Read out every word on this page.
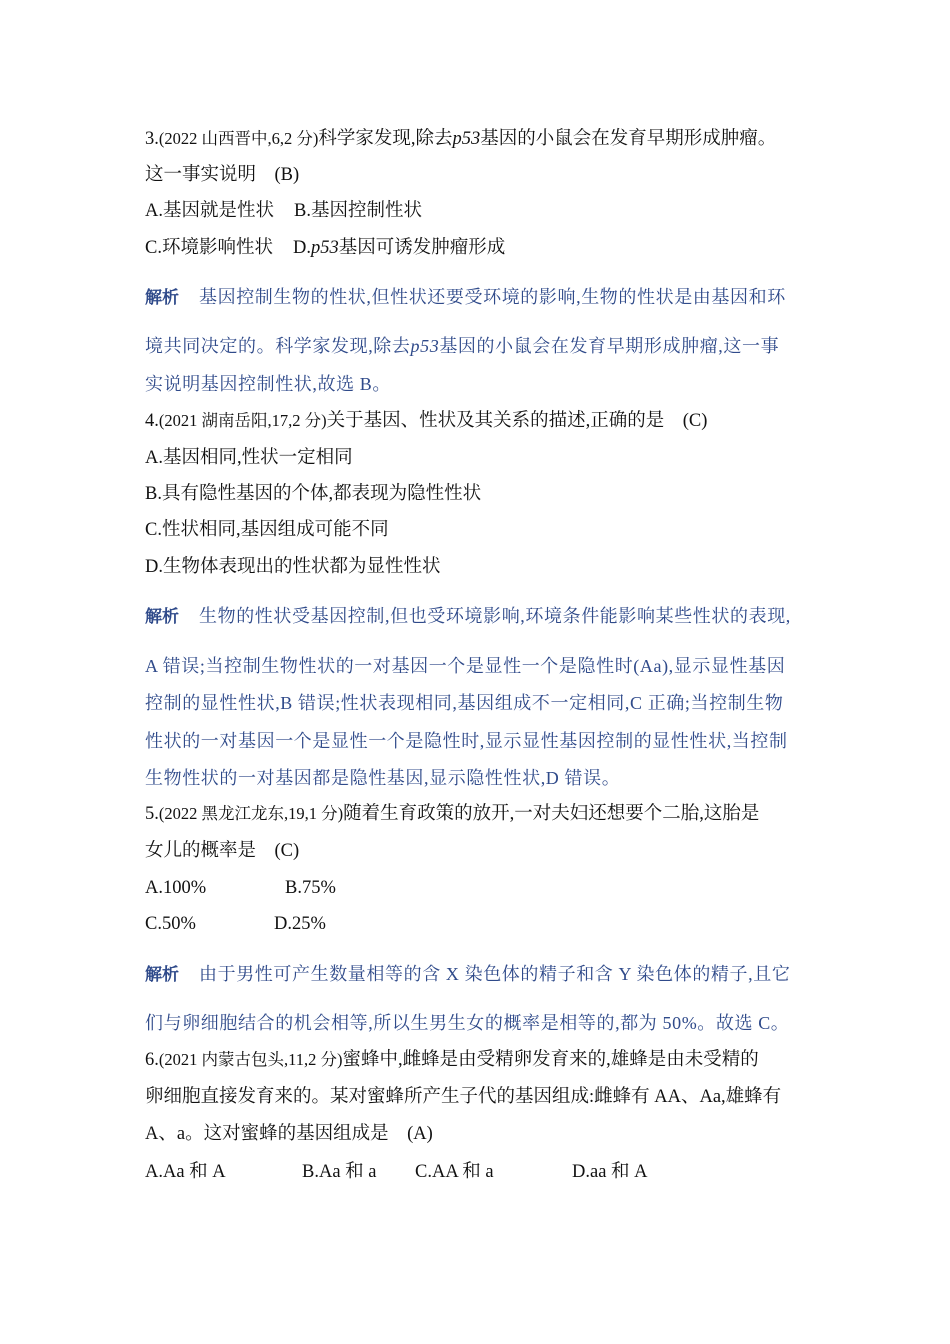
3.(2022 山西晋中,6,2 分)科学家发现,除去p53基因的小鼠会在发育早期形成肿瘤。
这一事实说明　(B)
A.基因就是性状 B.基因控制性状
C.环境影响性状 D.p53基因可诱发肿瘤形成
解析 基因控制生物的性状,但性状还要受环境的影响,生物的性状是由基因和环
境共同决定的。科学家发现,除去p53基因的小鼠会在发育早期形成肿瘤,这一事
实说明基因控制性状,故选 B。
4.(2021 湖南岳阳,17,2 分)关于基因、性状及其关系的描述,正确的是　(C)
A.基因相同,性状一定相同
B.具有隐性基因的个体,都表现为隐性性状
C.性状相同,基因组成可能不同
D.生物体表现出的性状都为显性性状
解析 生物的性状受基因控制,但也受环境影响,环境条件能影响某些性状的表现,
A 错误;当控制生物性状的一对基因一个是显性一个是隐性时(Aa),显示显性基因
控制的显性性状,B 错误;性状表现相同,基因组成不一定相同,C 正确;当控制生物
性状的一对基因一个是显性一个是隐性时,显示显性基因控制的显性性状,当控制
生物性状的一对基因都是隐性基因,显示隐性性状,D 错误。
5.(2022 黑龙江龙东,19,1 分)随着生育政策的放开,一对夫妇还想要个二胎,这胎是
女儿的概率是　(C)
A.100%	B.75%
C.50%	D.25%
解析 由于男性可产生数量相等的含 X 染色体的精子和含 Y 染色体的精子,且它
们与卵细胞结合的机会相等,所以生男生女的概率是相等的,都为 50%。故选 C。
6.(2021 内蒙古包头,11,2 分)蜜蜂中,雌蜂是由受精卵发育来的,雄蜂是由未受精的
卵细胞直接发育来的。某对蜜蜂所产生子代的基因组成:雌蜂有 AA、Aa,雄蜂有
A、a。这对蜜蜂的基因组成是　(A)
A.Aa 和 A	B.Aa 和 a C.AA 和 a	D.aa 和 A
